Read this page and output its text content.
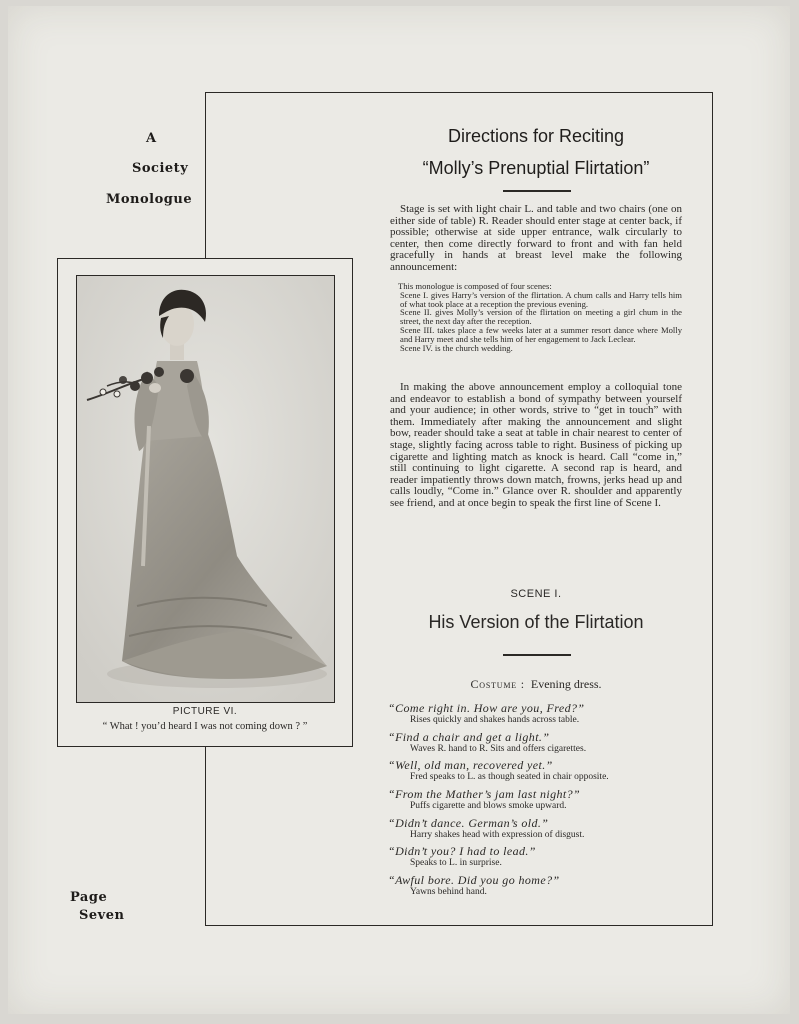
A
Society
Monologue
Page
Seven
Directions for Reciting
“Molly’s Prenuptial Flirtation”

Stage is set with light chair L. and table and two chairs (one on either side of table) R. Reader should enter stage at center back, if possible; otherwise at side upper entrance, walk circularly to center, then come directly forward to front and with fan held gracefully in hands at breast level make the following announcement:

This monologue is composed of four scenes:
Scene I. gives Harry’s version of the flirtation. A chum calls and Harry tells him of what took place at a reception the previous evening.
Scene II. gives Molly’s version of the flirtation on meeting a girl chum in the street, the next day after the reception.
Scene III. takes place a few weeks later at a summer resort dance where Molly and Harry meet and she tells him of her engagement to Jack Leclear.
Scene IV. is the church wedding.

In making the above announcement employ a colloquial tone and endeavor to establish a bond of sympathy between yourself and your audience; in other words, strive to “get in touch” with them. Immediately after making the announcement and slight bow, reader should take a seat at table in chair nearest to center of stage, slightly facing across table to right. Business of picking up cigarette and lighting match as knock is heard. Call “come in,” still continuing to light cigarette. A second rap is heard, and reader impatiently throws down match, frowns, jerks head up and calls loudly, “Come in.” Glance over R. shoulder and apparently see friend, and at once begin to speak the first line of Scene I.

SCENE I.
His Version of the Flirtation
Costume : Evening dress.

“Come right in. How are you, Fred?”

Rises quickly and shakes hands across table.

“Find a chair and get a light.”

Waves R. hand to R. Sits and offers cigarettes.

“Well, old man, recovered yet.”

Fred speaks to L. as though seated in chair opposite.

“From the Mather’s jam last night?”

Puffs cigarette and blows smoke upward.

“Didn’t dance. German’s old.”

Harry shakes head with expression of disgust.

“Didn’t you? I had to lead.”

Speaks to L. in surprise.

“Awful bore. Did you go home?”

Yawns behind hand.

PICTURE VI.
“ What ! you’d heard I was not coming down ? ”
